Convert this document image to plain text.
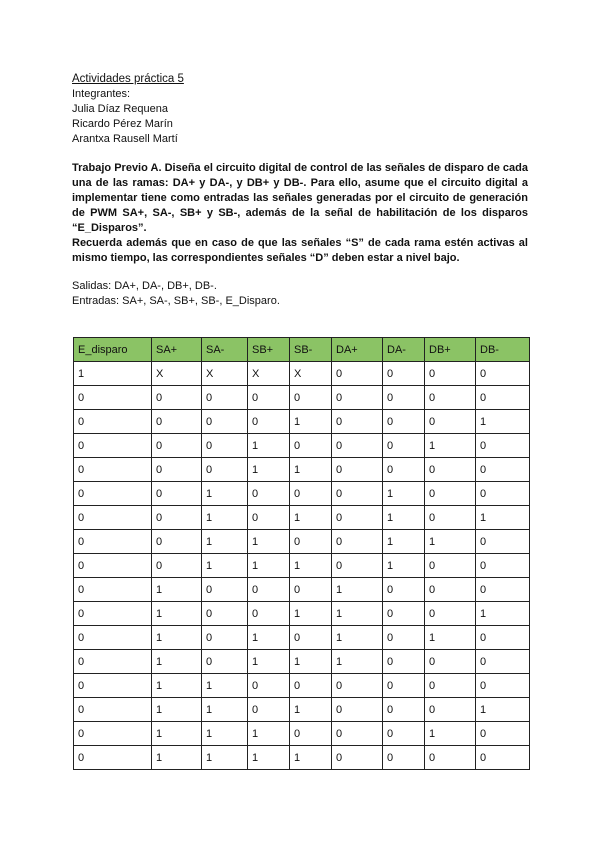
Actividades práctica 5

Integrantes:

Julia Díaz Requena

Ricardo Pérez Marín

Arantxa Rausell Martí

Trabajo Previo A. Diseña el circuito digital de control de las señales de disparo de cada una de las ramas: DA+ y DA-, y DB+ y DB-. Para ello, asume que el circuito digital a implementar tiene como entradas las señales generadas por el circuito de generación de PWM SA+, SA-, SB+ y SB-, además de la señal de habilitación de los disparos “E_Disparos”.

Recuerda además que en caso de que las señales “S” de cada rama estén activas al mismo tiempo, las correspondientes señales “D” deben estar a nivel bajo.

Salidas: DA+, DA-, DB+, DB-.

Entradas: SA+, SA-, SB+, SB-, E_Disparo.

E_disparo	SA+	SA-	SB+	SB-	DA+	DA-	DB+	DB-
1	X	X	X	X	0	0	0	0
0	0	0	0	0	0	0	0	0
0	0	0	0	1	0	0	0	1
0	0	0	1	0	0	0	1	0
0	0	0	1	1	0	0	0	0
0	0	1	0	0	0	1	0	0
0	0	1	0	1	0	1	0	1
0	0	1	1	0	0	1	1	0
0	0	1	1	1	0	1	0	0
0	1	0	0	0	1	0	0	0
0	1	0	0	1	1	0	0	1
0	1	0	1	0	1	0	1	0
0	1	0	1	1	1	0	0	0
0	1	1	0	0	0	0	0	0
0	1	1	0	1	0	0	0	1
0	1	1	1	0	0	0	1	0
0	1	1	1	1	0	0	0	0
